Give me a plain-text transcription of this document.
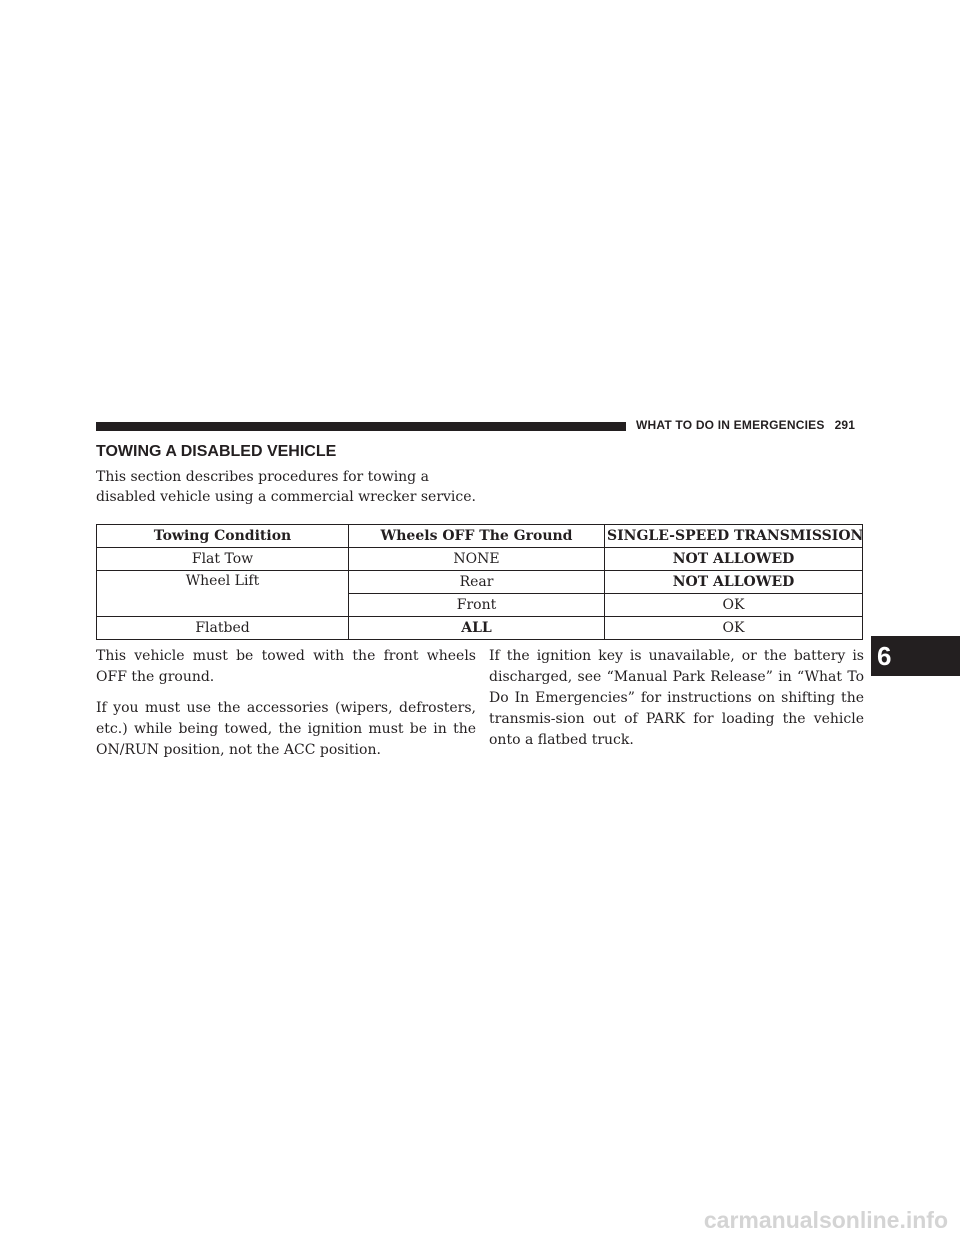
WHAT TO DO IN EMERGENCIES 291
TOWING A DISABLED VEHICLE

This section describes procedures for towing a disabled vehicle using a commercial wrecker service.

Towing Condition	Wheels OFF The Ground	SINGLE-SPEED TRANSMISSION
Flat Tow	NONE	NOT ALLOWED
Wheel Lift	Rear	NOT ALLOWED
	Front	OK
Flatbed	ALL	OK

This vehicle must be towed with the front wheels OFF the ground.

If you must use the accessories (wipers, defrosters, etc.) while being towed, the ignition must be in the ON/RUN position, not the ACC position.

If the ignition key is unavailable, or the battery is discharged, see “Manual Park Release” in “What To Do In Emergencies” for instructions on shifting the transmis-sion out of PARK for loading the vehicle onto a flatbed truck.

6
carmanualsonline.info
